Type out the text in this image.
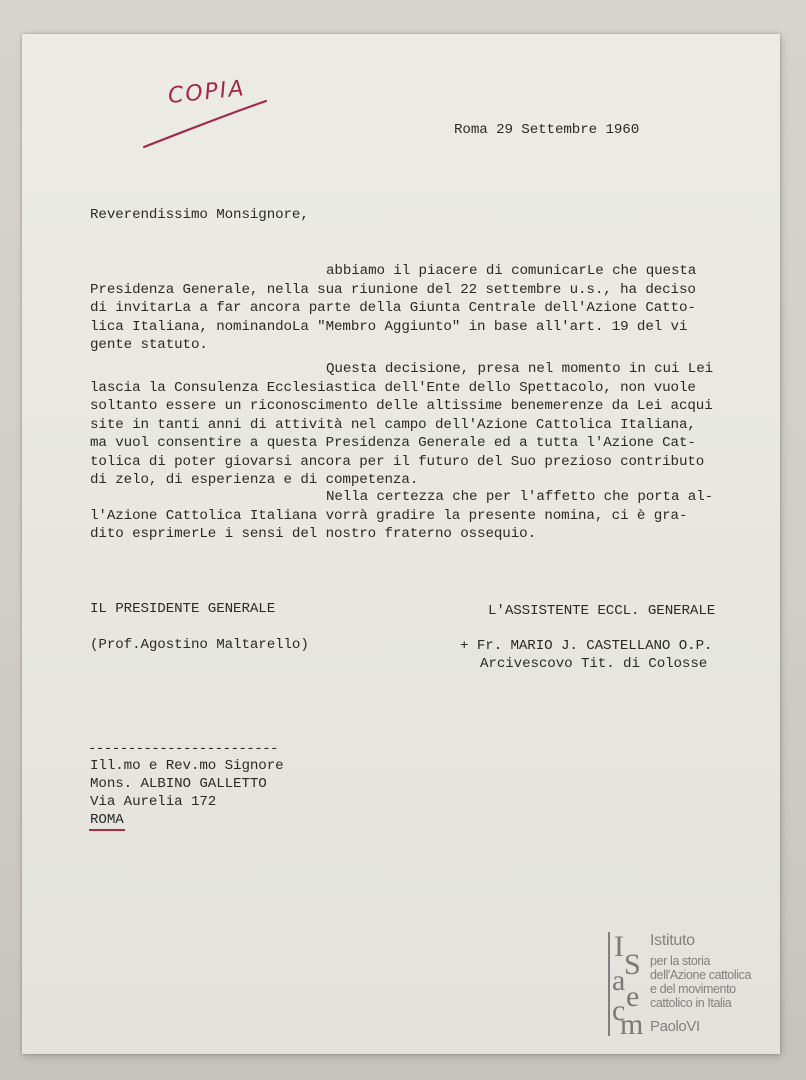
COPIA
Roma 29 Settembre 1960
Reverendissimo Monsignore,
abbiamo il piacere di comunicarLe che questa
Presidenza Generale, nella sua riunione del 22 settembre u.s., ha deciso
di invitarLa a far ancora parte della Giunta Centrale dell'Azione Catto-
lica Italiana, nominandoLa "Membro Aggiunto" in base all'art. 19 del vi
gente statuto.
Questa decisione, presa nel momento in cui Lei
lascia la Consulenza Ecclesiastica dell'Ente dello Spettacolo, non vuole
soltanto essere un riconoscimento delle altissime benemerenze da Lei acqui
site in tanti anni di attività nel campo dell'Azione Cattolica Italiana,
ma vuol consentire a questa Presidenza Generale ed a tutta l'Azione Cat-
tolica di poter giovarsi ancora per il futuro del Suo prezioso contributo
di zelo, di esperienza e di competenza.
Nella certezza che per l'affetto che porta al-
l'Azione Cattolica Italiana vorrà gradire la presente nomina, ci è gra-
dito esprimerLe i sensi del nostro fraterno ossequio.
IL PRESIDENTE GENERALE
(Prof.Agostino Maltarello)
L'ASSISTENTE ECCL. GENERALE
+ Fr. MARIO J. CASTELLANO O.P.
Arcivescovo Tit. di Colosse
------------------------
Ill.mo e Rev.mo Signore
Mons. ALBINO GALLETTO
Via Aurelia 172
ROMA
I
S
a e
c
m
Istituto
per la storia
dell'Azione cattolica
e del movimento
cattolico in Italia
PaoloVI
